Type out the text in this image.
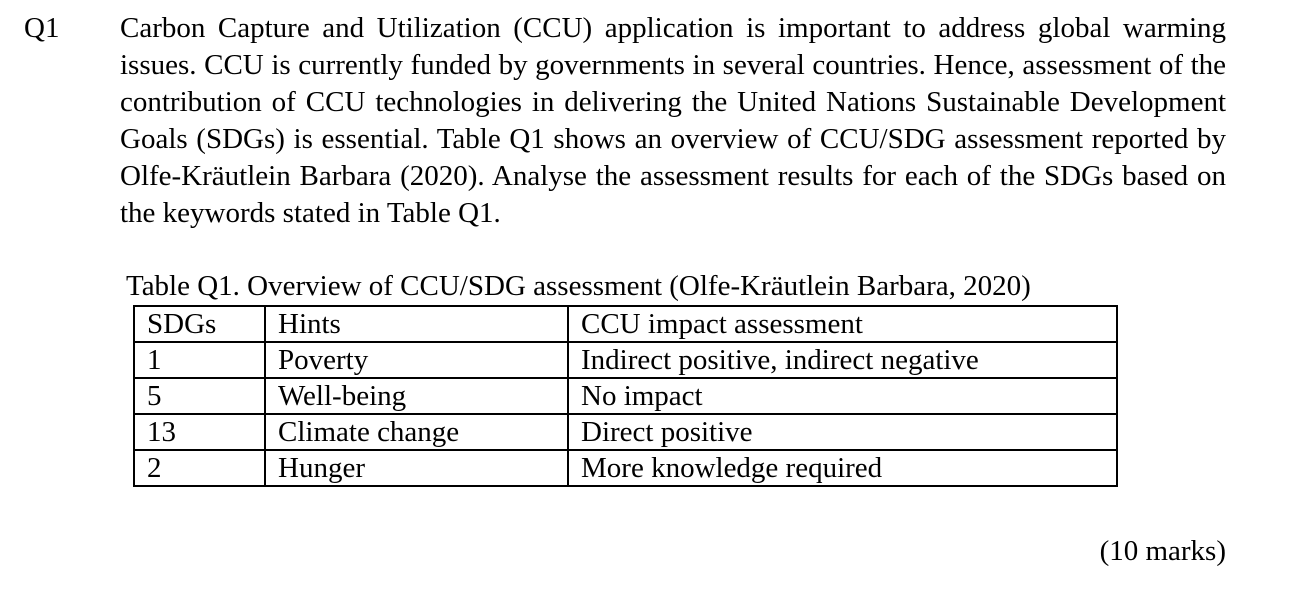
Q1 Carbon Capture and Utilization (CCU) application is important to address global warming issues. CCU is currently funded by governments in several countries. Hence, assessment of the contribution of CCU technologies in delivering the United Nations Sustainable Development Goals (SDGs) is essential. Table Q1 shows an overview of CCU/SDG assessment reported by Olfe-Kräutlein Barbara (2020). Analyse the assessment results for each of the SDGs based on the keywords stated in Table Q1.

Table Q1. Overview of CCU/SDG assessment (Olfe-Kräutlein Barbara, 2020)
SDGs	Hints	CCU impact assessment
1	Poverty	Indirect positive, indirect negative
5	Well-being	No impact
13	Climate change	Direct positive
2	Hunger	More knowledge required
(10 marks)
